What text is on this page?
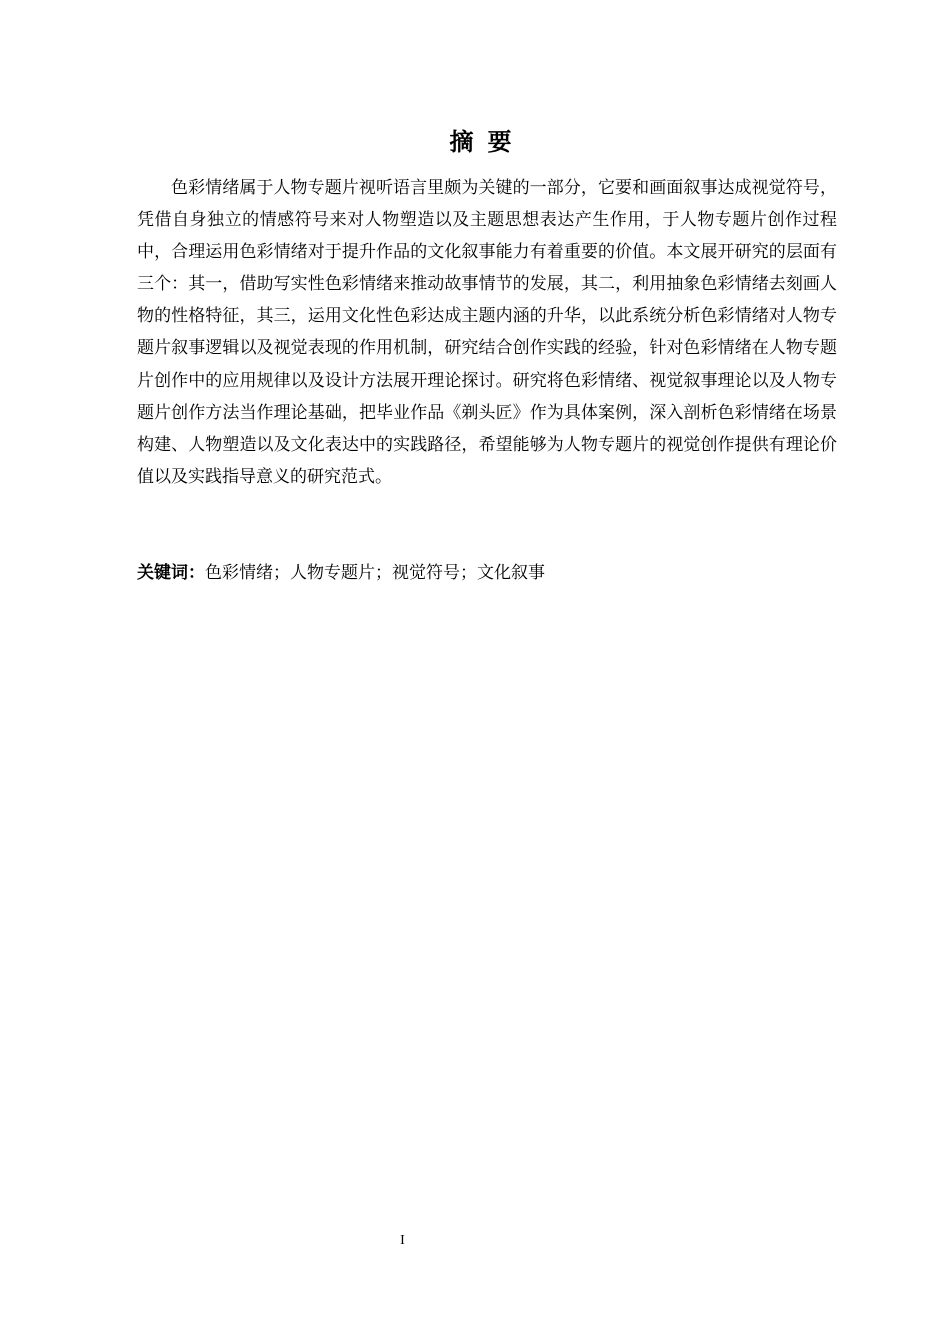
摘要

色彩情绪属于人物专题片视听语言里颇为关键的一部分，它要和画面叙事达成视觉符号，凭借自身独立的情感符号来对人物塑造以及主题思想表达产生作用，于人物专题片创作过程中，合理运用色彩情绪对于提升作品的文化叙事能力有着重要的价值。本文展开研究的层面有三个：其一，借助写实性色彩情绪来推动故事情节的发展，其二，利用抽象色彩情绪去刻画人物的性格特征，其三，运用文化性色彩达成主题内涵的升华，以此系统分析色彩情绪对人物专题片叙事逻辑以及视觉表现的作用机制，研究结合创作实践的经验，针对色彩情绪在人物专题片创作中的应用规律以及设计方法展开理论探讨。研究将色彩情绪、视觉叙事理论以及人物专题片创作方法当作理论基础，把毕业作品《剃头匠》作为具体案例，深入剖析色彩情绪在场景构建、人物塑造以及文化表达中的实践路径，希望能够为人物专题片的视觉创作提供有理论价值以及实践指导意义的研究范式。

关键词：色彩情绪；人物专题片；视觉符号；文化叙事
I
